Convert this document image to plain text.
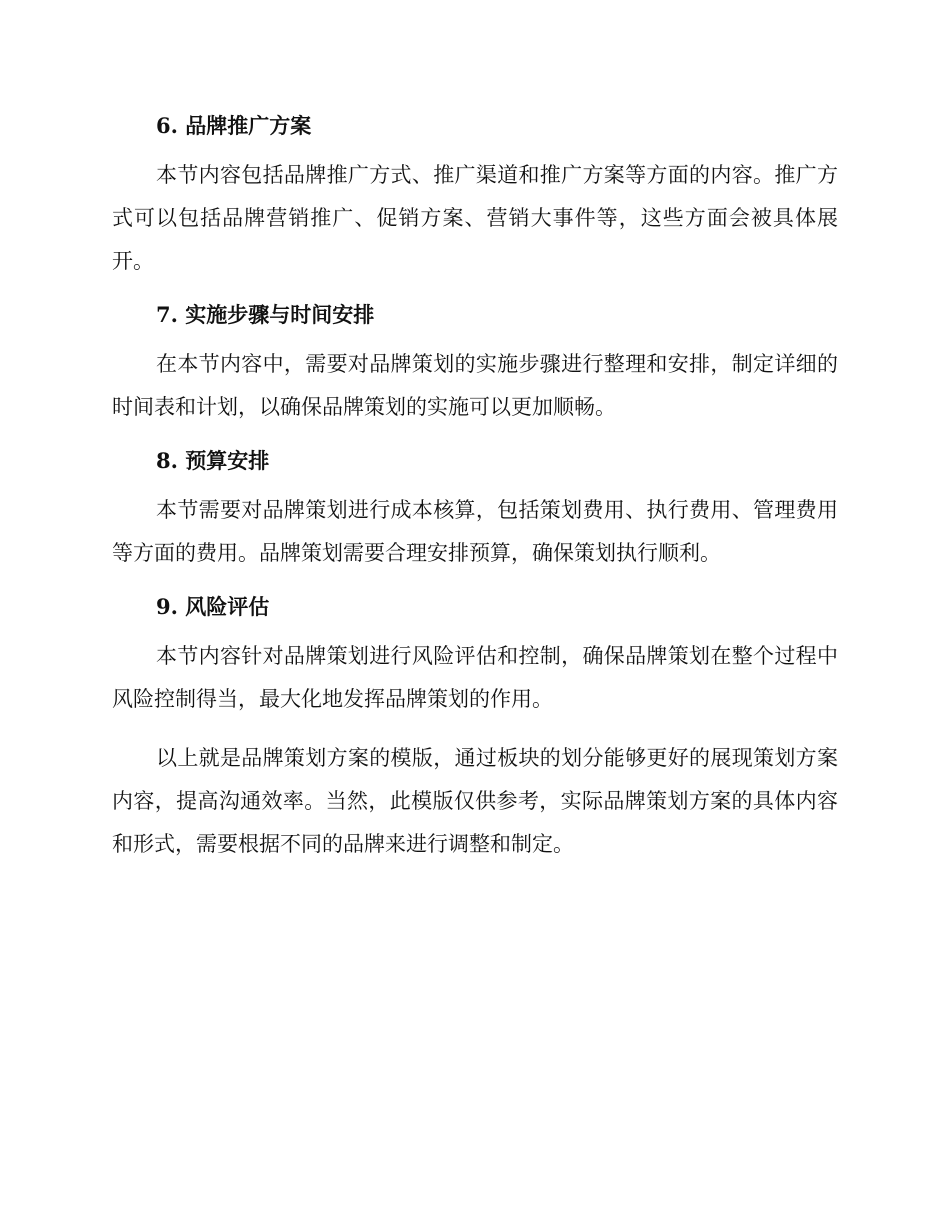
6. 品牌推广方案

本节内容包括品牌推广方式、推广渠道和推广方案等方面的内容。推广方式可以包括品牌营销推广、促销方案、营销大事件等，这些方面会被具体展开。

7. 实施步骤与时间安排

在本节内容中，需要对品牌策划的实施步骤进行整理和安排，制定详细的时间表和计划，以确保品牌策划的实施可以更加顺畅。

8. 预算安排

本节需要对品牌策划进行成本核算，包括策划费用、执行费用、管理费用等方面的费用。品牌策划需要合理安排预算，确保策划执行顺利。

9. 风险评估

本节内容针对品牌策划进行风险评估和控制，确保品牌策划在整个过程中风险控制得当，最大化地发挥品牌策划的作用。

以上就是品牌策划方案的模版，通过板块的划分能够更好的展现策划方案内容，提高沟通效率。当然，此模版仅供参考，实际品牌策划方案的具体内容和形式，需要根据不同的品牌来进行调整和制定。
